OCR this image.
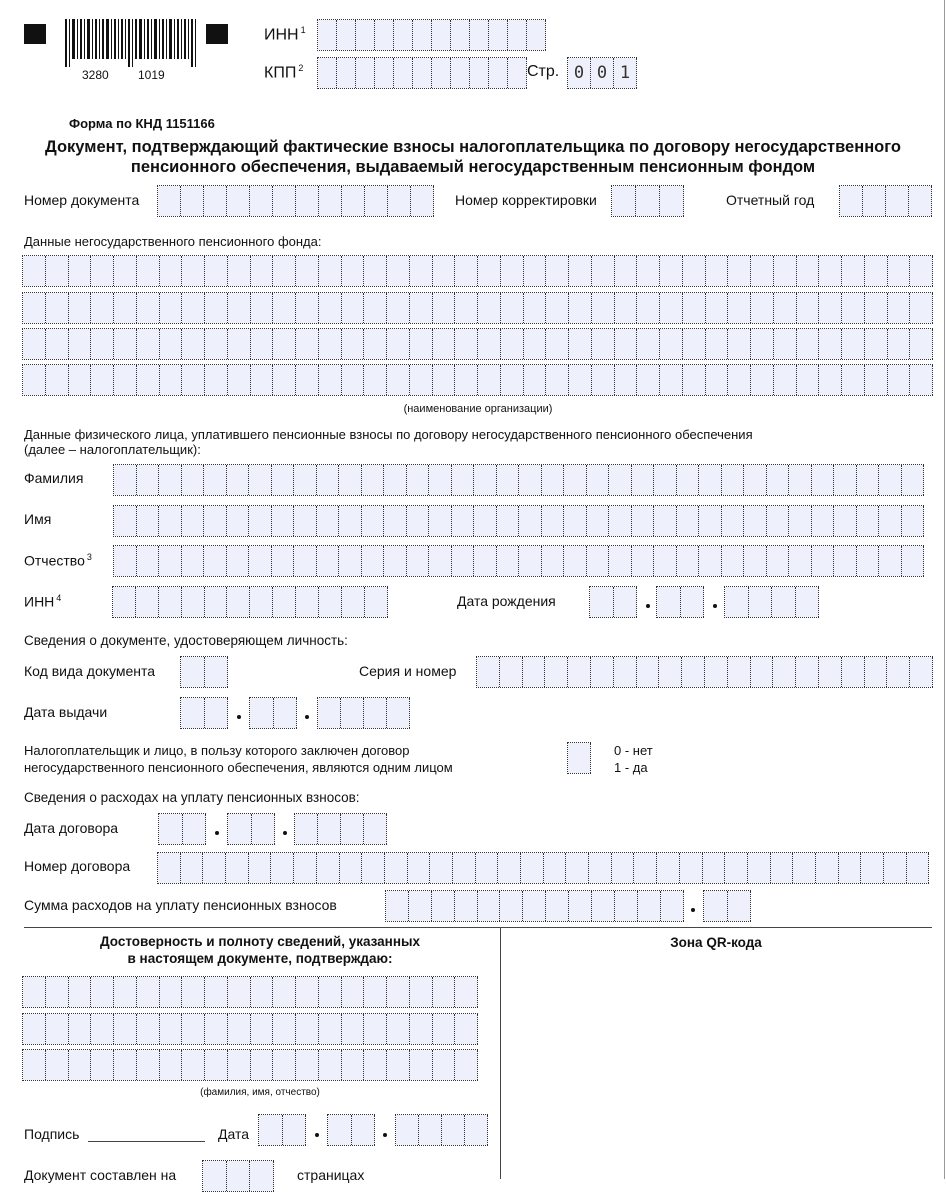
3280 1019
ИНН $^1$
КПП $^2$	Стр. 0 0 1
Форма по КНД 1151166
Документ, подтверждающий фактические взносы налогоплательщика по договору негосударственного
пенсионного обеспечения, выдаваемый негосударственным пенсионным фондом
Номер документа	Номер корректировки	Отчетный год
Данные негосударственного пенсионного фонда:
(наименование организации)
Данные физического лица, уплатившего пенсионные взносы по договору негосударственного пенсионного обеспечения
(далее – налогоплательщик):
Фамилия
Имя
Отчество $^3$
ИНН $^4$	Дата рождения
Сведения о документе, удостоверяющем личность:
Код вида документа	Серия и номер
Дата выдачи
Налогоплательщик и лицо, в пользу которого заключен договор
негосударственного пенсионного обеспечения, являются одним лицом
0 - нет
1 - да
Сведения о расходах на уплату пенсионных взносов:
Дата договора
Номер договора
Сумма расходов на уплату пенсионных взносов
Достоверность и полноту сведений, указанных
в настоящем документе, подтверждаю:
Зона QR-кода
(фамилия, имя, отчество)
Подпись	Дата
Документ составлен на	страницах
